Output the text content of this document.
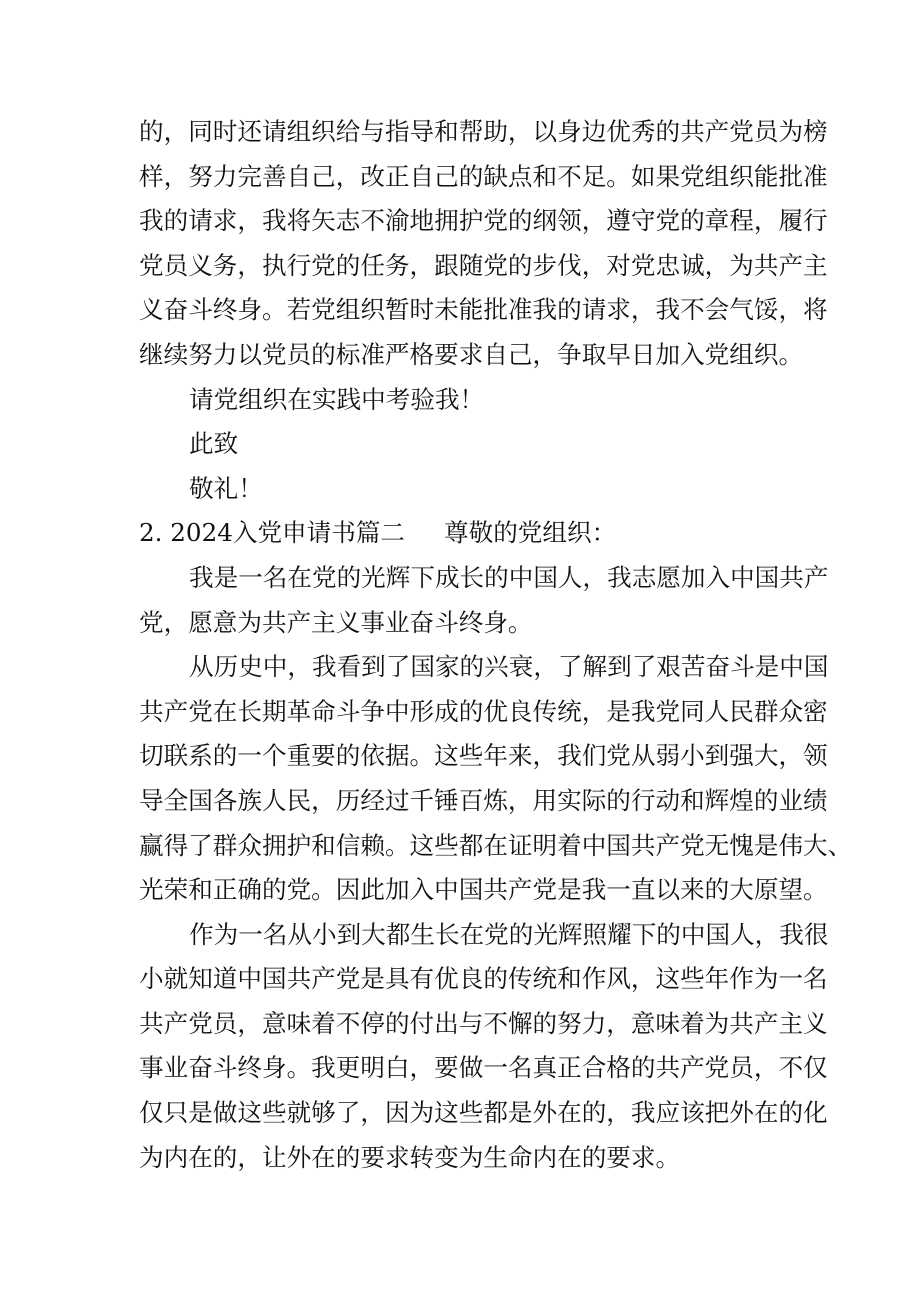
的，同时还请组织给与指导和帮助，以身边优秀的共产党员为榜
样，努力完善自己，改正自己的缺点和不足。如果党组织能批准
我的请求，我将矢志不渝地拥护党的纲领，遵守党的章程，履行
党员义务，执行党的任务，跟随党的步伐，对党忠诚，为共产主
义奋斗终身。若党组织暂时未能批准我的请求，我不会气馁，将
继续努力以党员的标准严格要求自己，争取早日加入党组织。
请党组织在实践中考验我！
此致
敬礼！
2. 2024入党申请书篇二 尊敬的党组织：
我是一名在党的光辉下成长的中国人，我志愿加入中国共产
党，愿意为共产主义事业奋斗终身。
从历史中，我看到了国家的兴衰，了解到了艰苦奋斗是中国
共产党在长期革命斗争中形成的优良传统，是我党同人民群众密
切联系的一个重要的依据。这些年来，我们党从弱小到强大，领
导全国各族人民，历经过千锤百炼，用实际的行动和辉煌的业绩
赢得了群众拥护和信赖。这些都在证明着中国共产党无愧是伟大、
光荣和正确的党。因此加入中国共产党是我一直以来的大原望。
作为一名从小到大都生长在党的光辉照耀下的中国人，我很
小就知道中国共产党是具有优良的传统和作风，这些年作为一名
共产党员，意味着不停的付出与不懈的努力，意味着为共产主义
事业奋斗终身。我更明白，要做一名真正合格的共产党员，不仅
仅只是做这些就够了，因为这些都是外在的，我应该把外在的化
为内在的，让外在的要求转变为生命内在的要求。
